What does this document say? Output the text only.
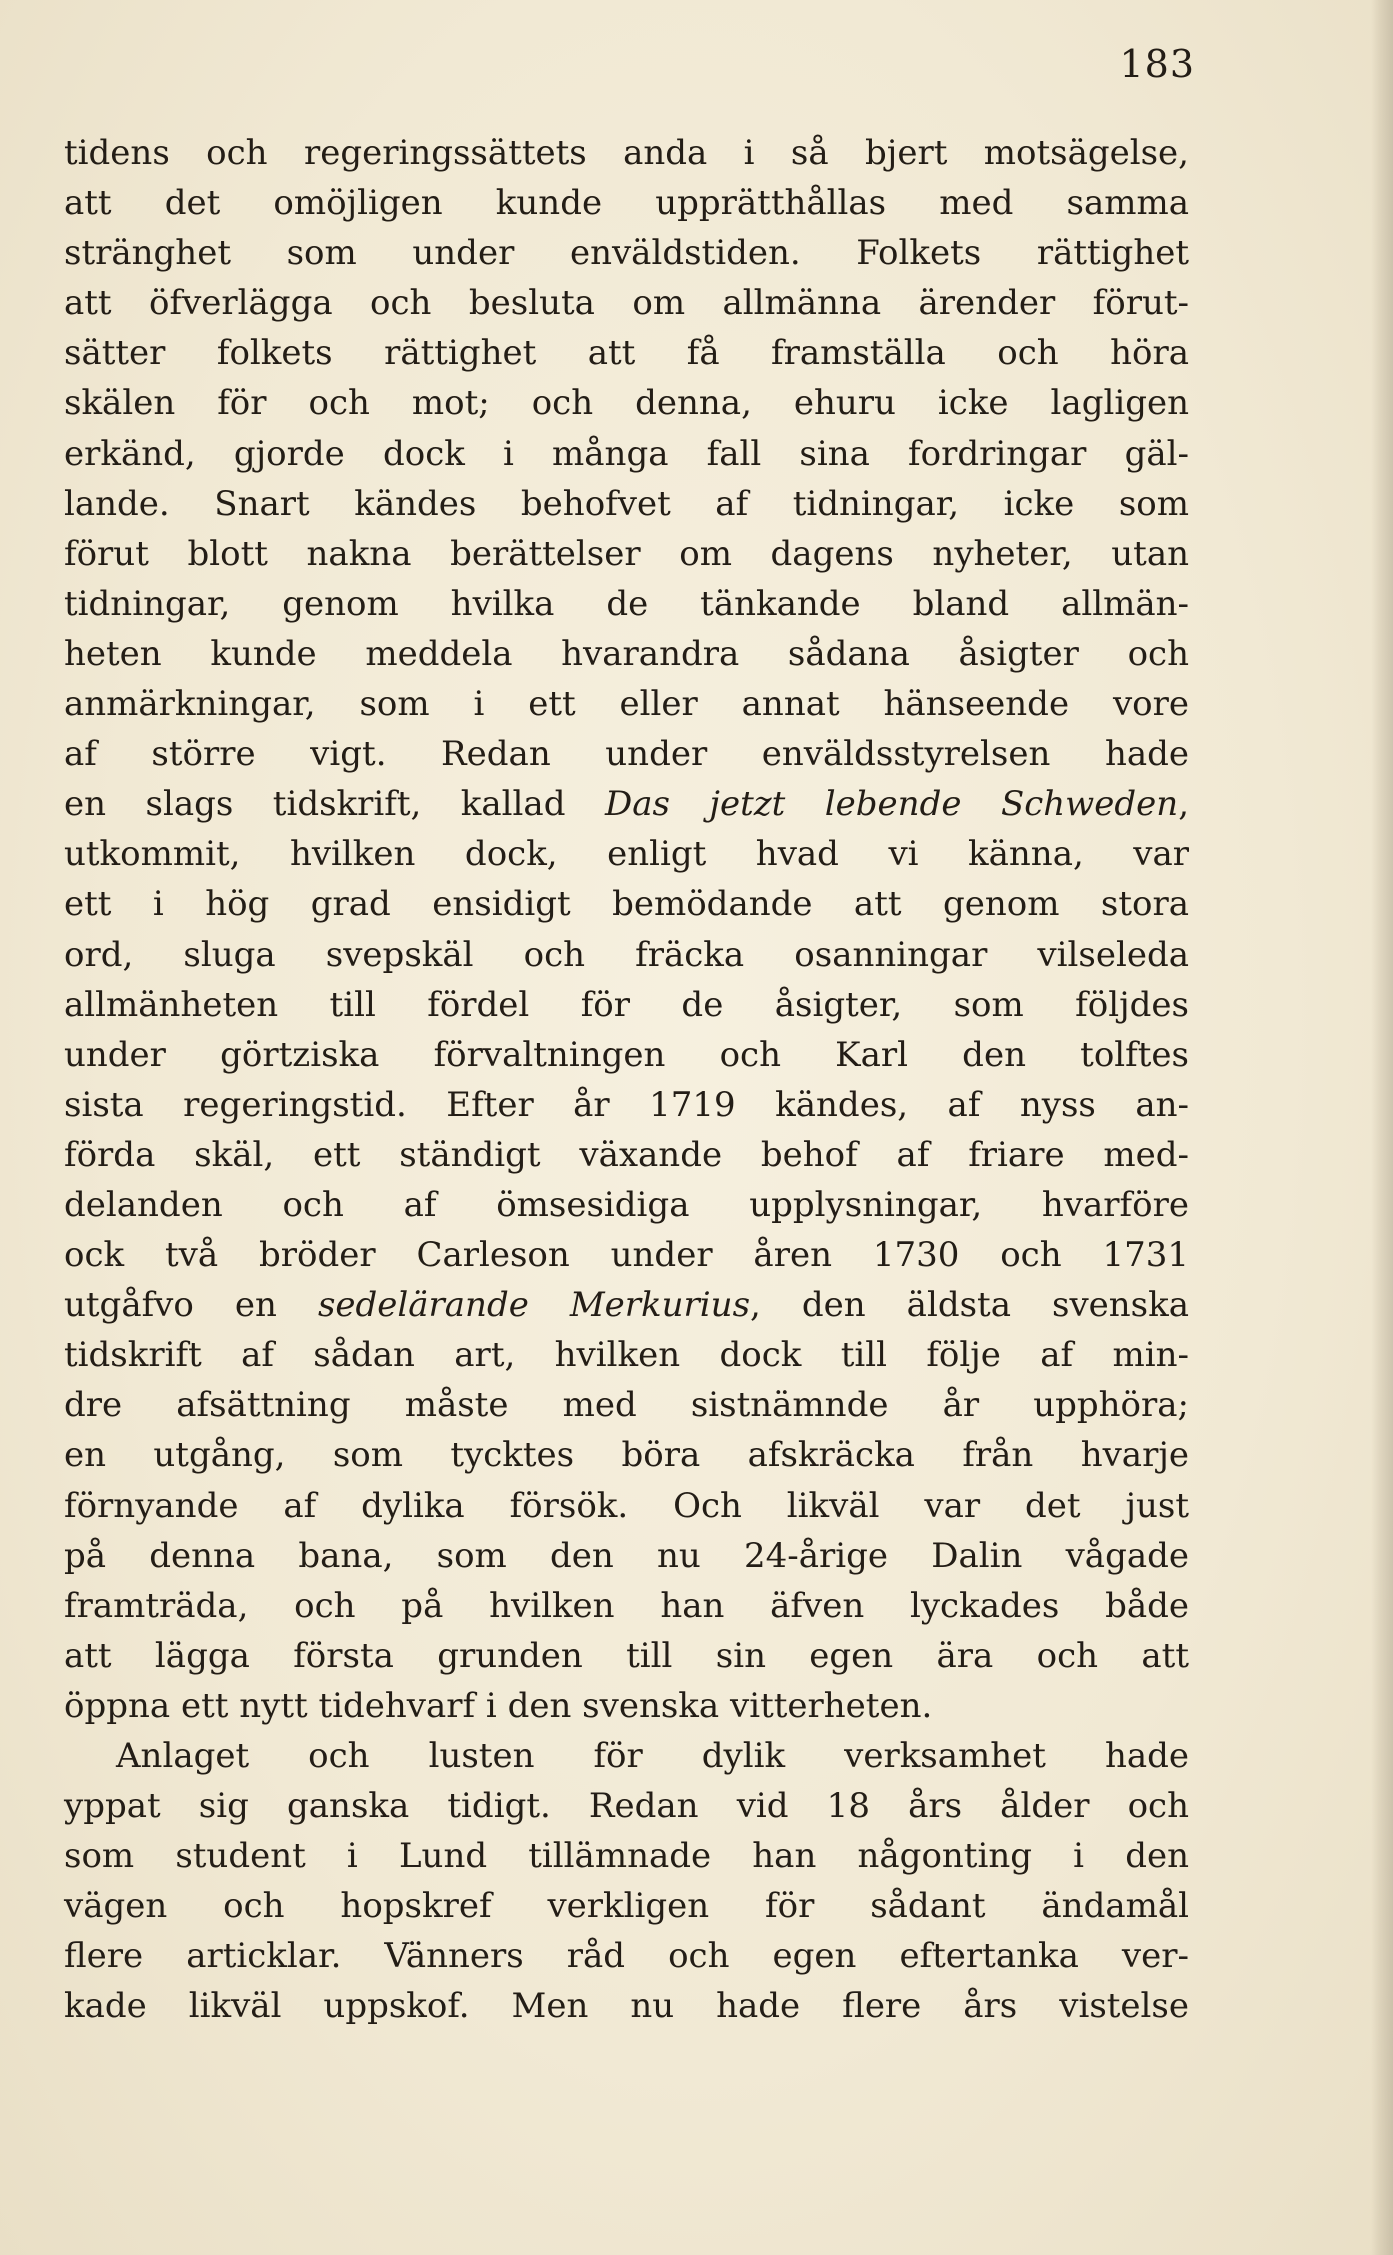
183
tidens och regeringssättets anda i så bjert motsägelse,
att det omöjligen kunde upprätthållas med samma
stränghet som under enväldstiden. Folkets rättighet
att öfverlägga och besluta om allmänna ärender förut-
sätter folkets rättighet att få framställa och höra
skälen för och mot; och denna, ehuru icke lagligen
erkänd, gjorde dock i många fall sina fordringar gäl-
lande. Snart kändes behofvet af tidningar, icke som
förut blott nakna berättelser om dagens nyheter, utan
tidningar, genom hvilka de tänkande bland allmän-
heten kunde meddela hvarandra sådana åsigter och
anmärkningar, som i ett eller annat hänseende vore
af större vigt. Redan under enväldsstyrelsen hade
en slags tidskrift, kallad Das jetzt lebende Schweden,
utkommit, hvilken dock, enligt hvad vi känna, var
ett i hög grad ensidigt bemödande att genom stora
ord, sluga svepskäl och fräcka osanningar vilseleda
allmänheten till fördel för de åsigter, som följdes
under görtziska förvaltningen och Karl den tolftes
sista regeringstid. Efter år 1719 kändes, af nyss an-
förda skäl, ett ständigt växande behof af friare med-
delanden och af ömsesidiga upplysningar, hvarföre
ock två bröder Carleson under åren 1730 och 1731
utgåfvo en sedelärande Merkurius, den äldsta svenska
tidskrift af sådan art, hvilken dock till följe af min-
dre afsättning måste med sistnämnde år upphöra;
en utgång, som tycktes böra afskräcka från hvarje
förnyande af dylika försök. Och likväl var det just
på denna bana, som den nu 24-årige Dalin vågade
framträda, och på hvilken han äfven lyckades både
att lägga första grunden till sin egen ära och att
öppna ett nytt tidehvarf i den svenska vitterheten.
Anlaget och lusten för dylik verksamhet hade
yppat sig ganska tidigt. Redan vid 18 års ålder och
som student i Lund tillämnade han någonting i den
vägen och hopskref verkligen för sådant ändamål
flere articklar. Vänners råd och egen eftertanka ver-
kade likväl uppskof. Men nu hade flere års vistelse
